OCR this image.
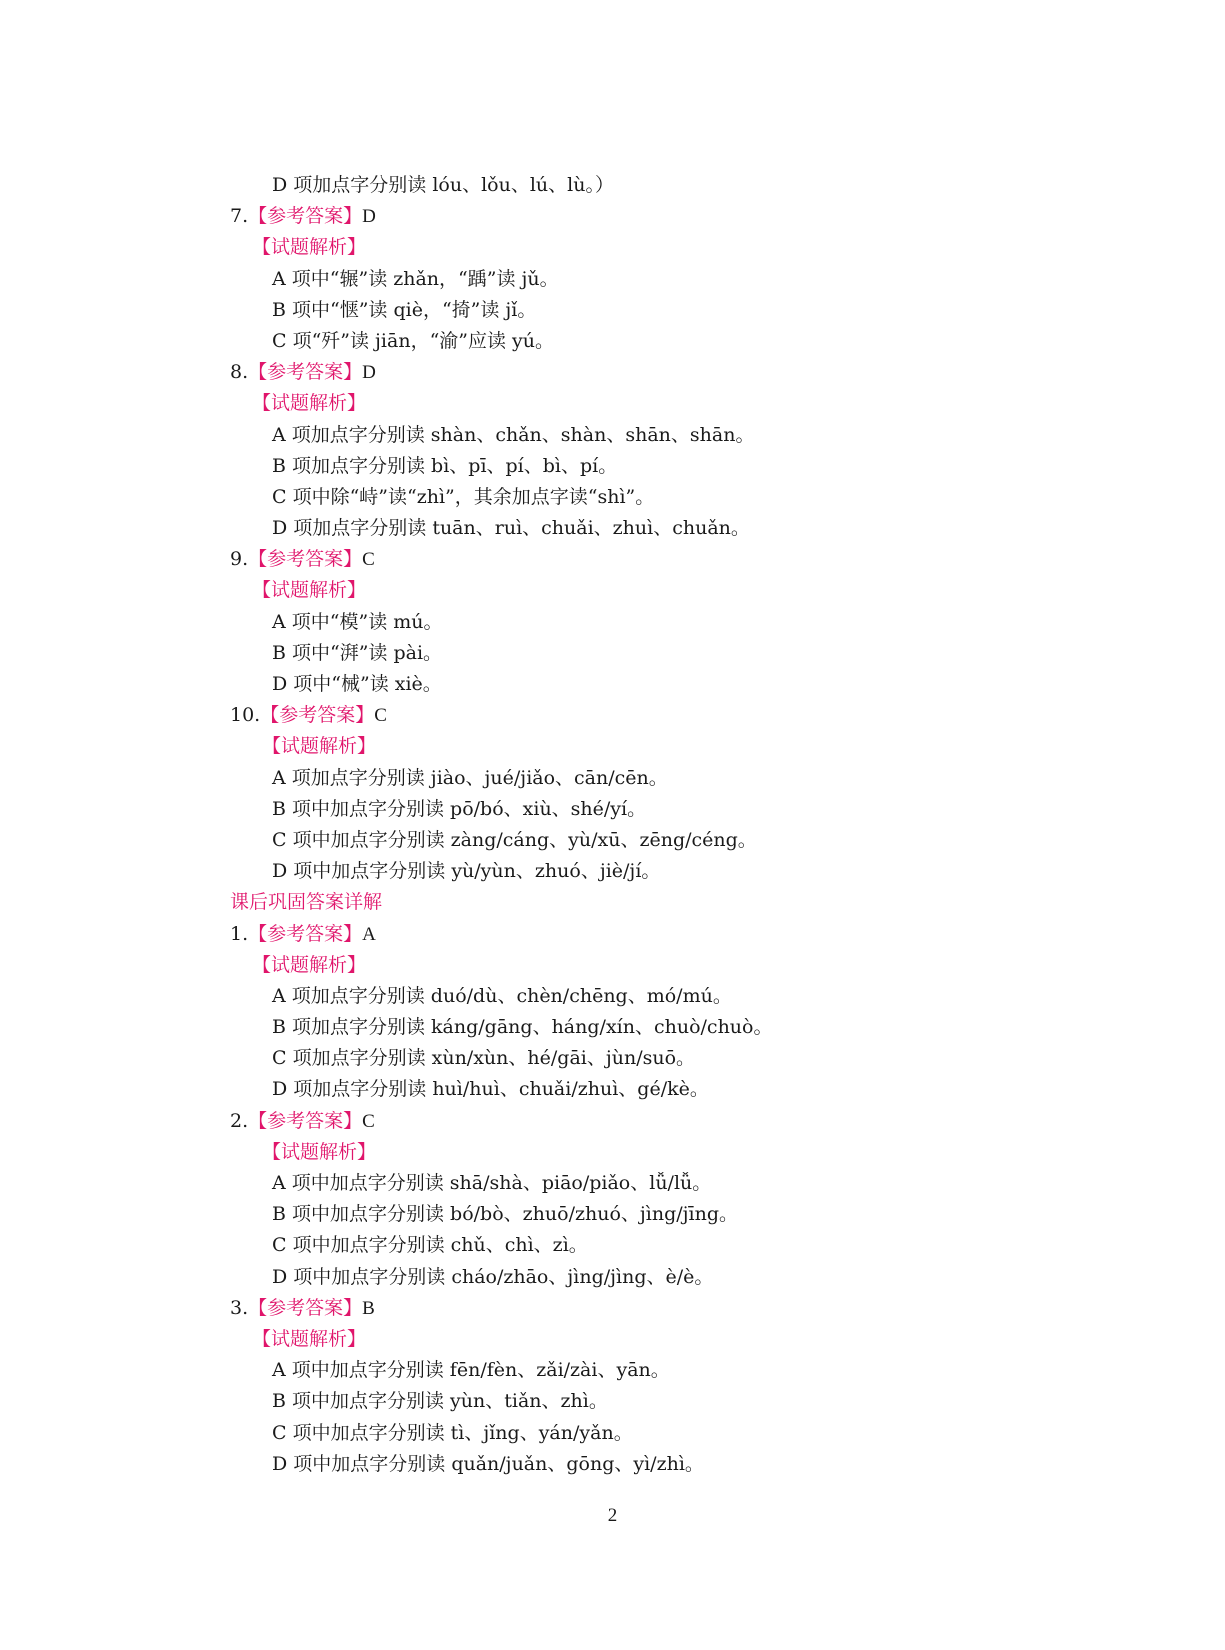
D 项加点字分别读 lóu、lǒu、lú、lù。）
7.【参考答案】D
【试题解析】
A 项中“辗”读 zhǎn，“踽”读 jǔ。
B 项中“惬”读 qiè，“掎”读 jǐ。
C 项“歼”读 jiān，“渝”应读 yú。
8.【参考答案】D
【试题解析】
A 项加点字分别读 shàn、chǎn、shàn、shān、shān。
B 项加点字分别读 bì、pī、pí、bì、pí。
C 项中除“峙”读“zhì”，其余加点字读“shì”。
D 项加点字分别读 tuān、ruì、chuǎi、zhuì、chuǎn。
9.【参考答案】C
【试题解析】
A 项中“模”读 mú。
B 项中“湃”读 pài。
D 项中“械”读 xiè。
10.【参考答案】C
【试题解析】
A 项加点字分别读 jiào、jué/jiǎo、cān/cēn。
B 项中加点字分别读 pō/bó、xiù、shé/yí。
C 项中加点字分别读 zàng/cáng、yù/xū、zēng/céng。
D 项中加点字分别读 yù/yùn、zhuó、jiè/jí。
课后巩固答案详解
1.【参考答案】A
【试题解析】
A 项加点字分别读 duó/dù、chèn/chēng、mó/mú。
B 项加点字分别读 káng/gāng、háng/xín、chuò/chuò。
C 项加点字分别读 xùn/xùn、hé/gāi、jùn/suō。
D 项加点字分别读 huì/huì、chuǎi/zhuì、gé/kè。
2.【参考答案】C
【试题解析】
A 项中加点字分别读 shā/shà、piāo/piǎo、lǚ/lǚ。
B 项中加点字分别读 bó/bò、zhuō/zhuó、jìng/jīng。
C 项中加点字分别读 chǔ、chì、zì。
D 项中加点字分别读 cháo/zhāo、jìng/jìng、è/è。
3.【参考答案】B
【试题解析】
A 项中加点字分别读 fēn/fèn、zǎi/zài、yān。
B 项中加点字分别读 yùn、tiǎn、zhì。
C 项中加点字分别读 tì、jǐng、yán/yǎn。
D 项中加点字分别读 quǎn/juǎn、gōng、yì/zhì。
2
